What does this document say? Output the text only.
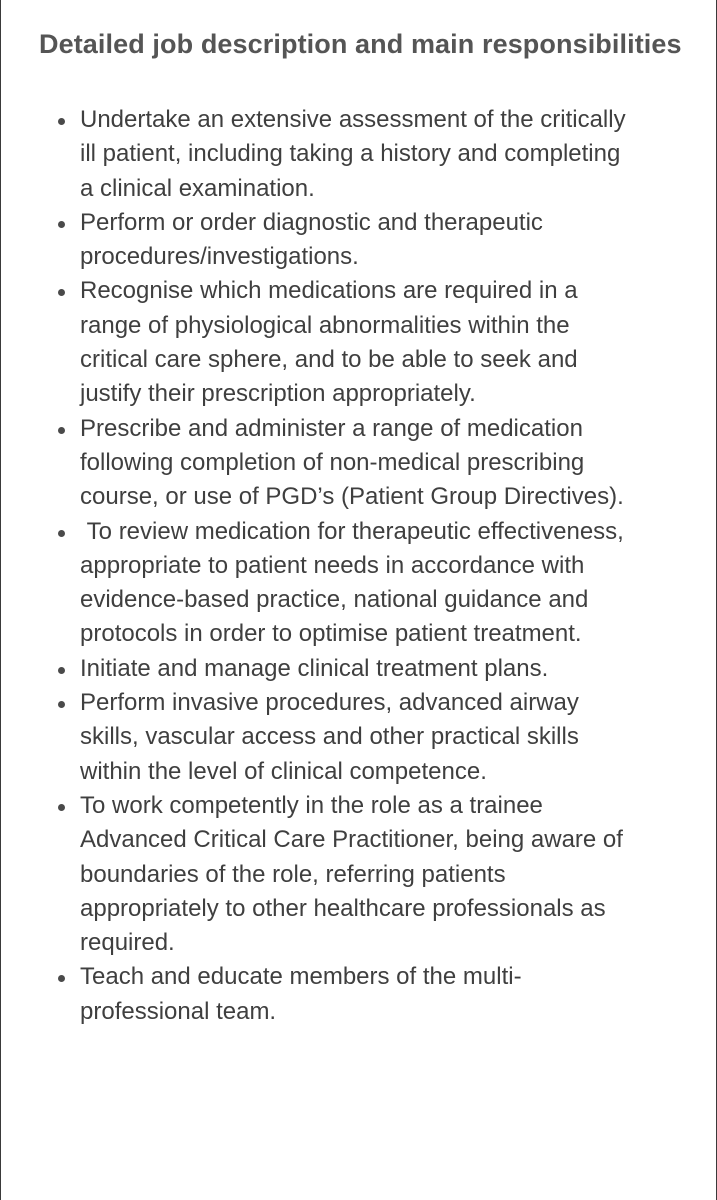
Detailed job description and main responsibilities
Undertake an extensive assessment of the critically ill patient, including taking a history and completing a clinical examination.
Perform or order diagnostic and therapeutic procedures/investigations.
Recognise which medications are required in a range of physiological abnormalities within the critical care sphere, and to be able to seek and justify their prescription appropriately.
Prescribe and administer a range of medication   following completion of non-medical prescribing course, or use of PGD’s (Patient Group Directives).
To review medication for therapeutic effectiveness, appropriate to patient needs in accordance with evidence-based practice, national guidance and protocols in order to optimise patient treatment.
Initiate and manage clinical treatment plans.
Perform invasive procedures, advanced airway skills, vascular access and other practical skills within the level of clinical competence.
To work competently in the role as a trainee Advanced Critical Care Practitioner, being aware of boundaries of the role, referring patients appropriately to other healthcare professionals as required.
Teach and educate members of the multi-professional team.
